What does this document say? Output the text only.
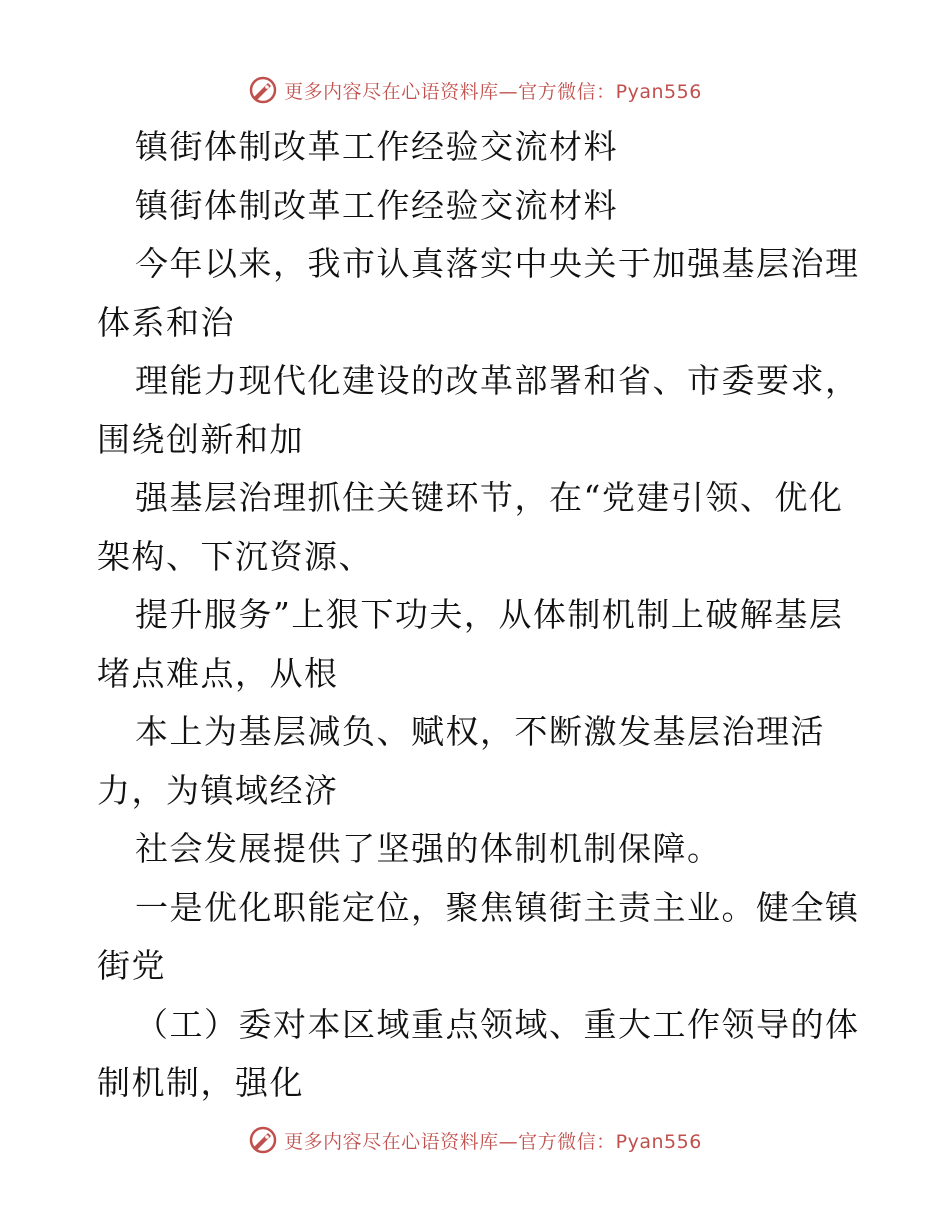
更多内容尽在心语资料库—官方微信：Pyan556
镇街体制改革工作经验交流材料
镇街体制改革工作经验交流材料
今年以来，我市认真落实中央关于加强基层治理
体系和治
理能力现代化建设的改革部署和省、市委要求，
围绕创新和加
强基层治理抓住关键环节，在“党建引领、优化
架构、下沉资源、
提升服务”上狠下功夫，从体制机制上破解基层
堵点难点，从根
本上为基层减负、赋权，不断激发基层治理活
力，为镇域经济
社会发展提供了坚强的体制机制保障。
一是优化职能定位，聚焦镇街主责主业。健全镇
街党
（工）委对本区域重点领域、重大工作领导的体
制机制，强化
更多内容尽在心语资料库—官方微信：Pyan556
